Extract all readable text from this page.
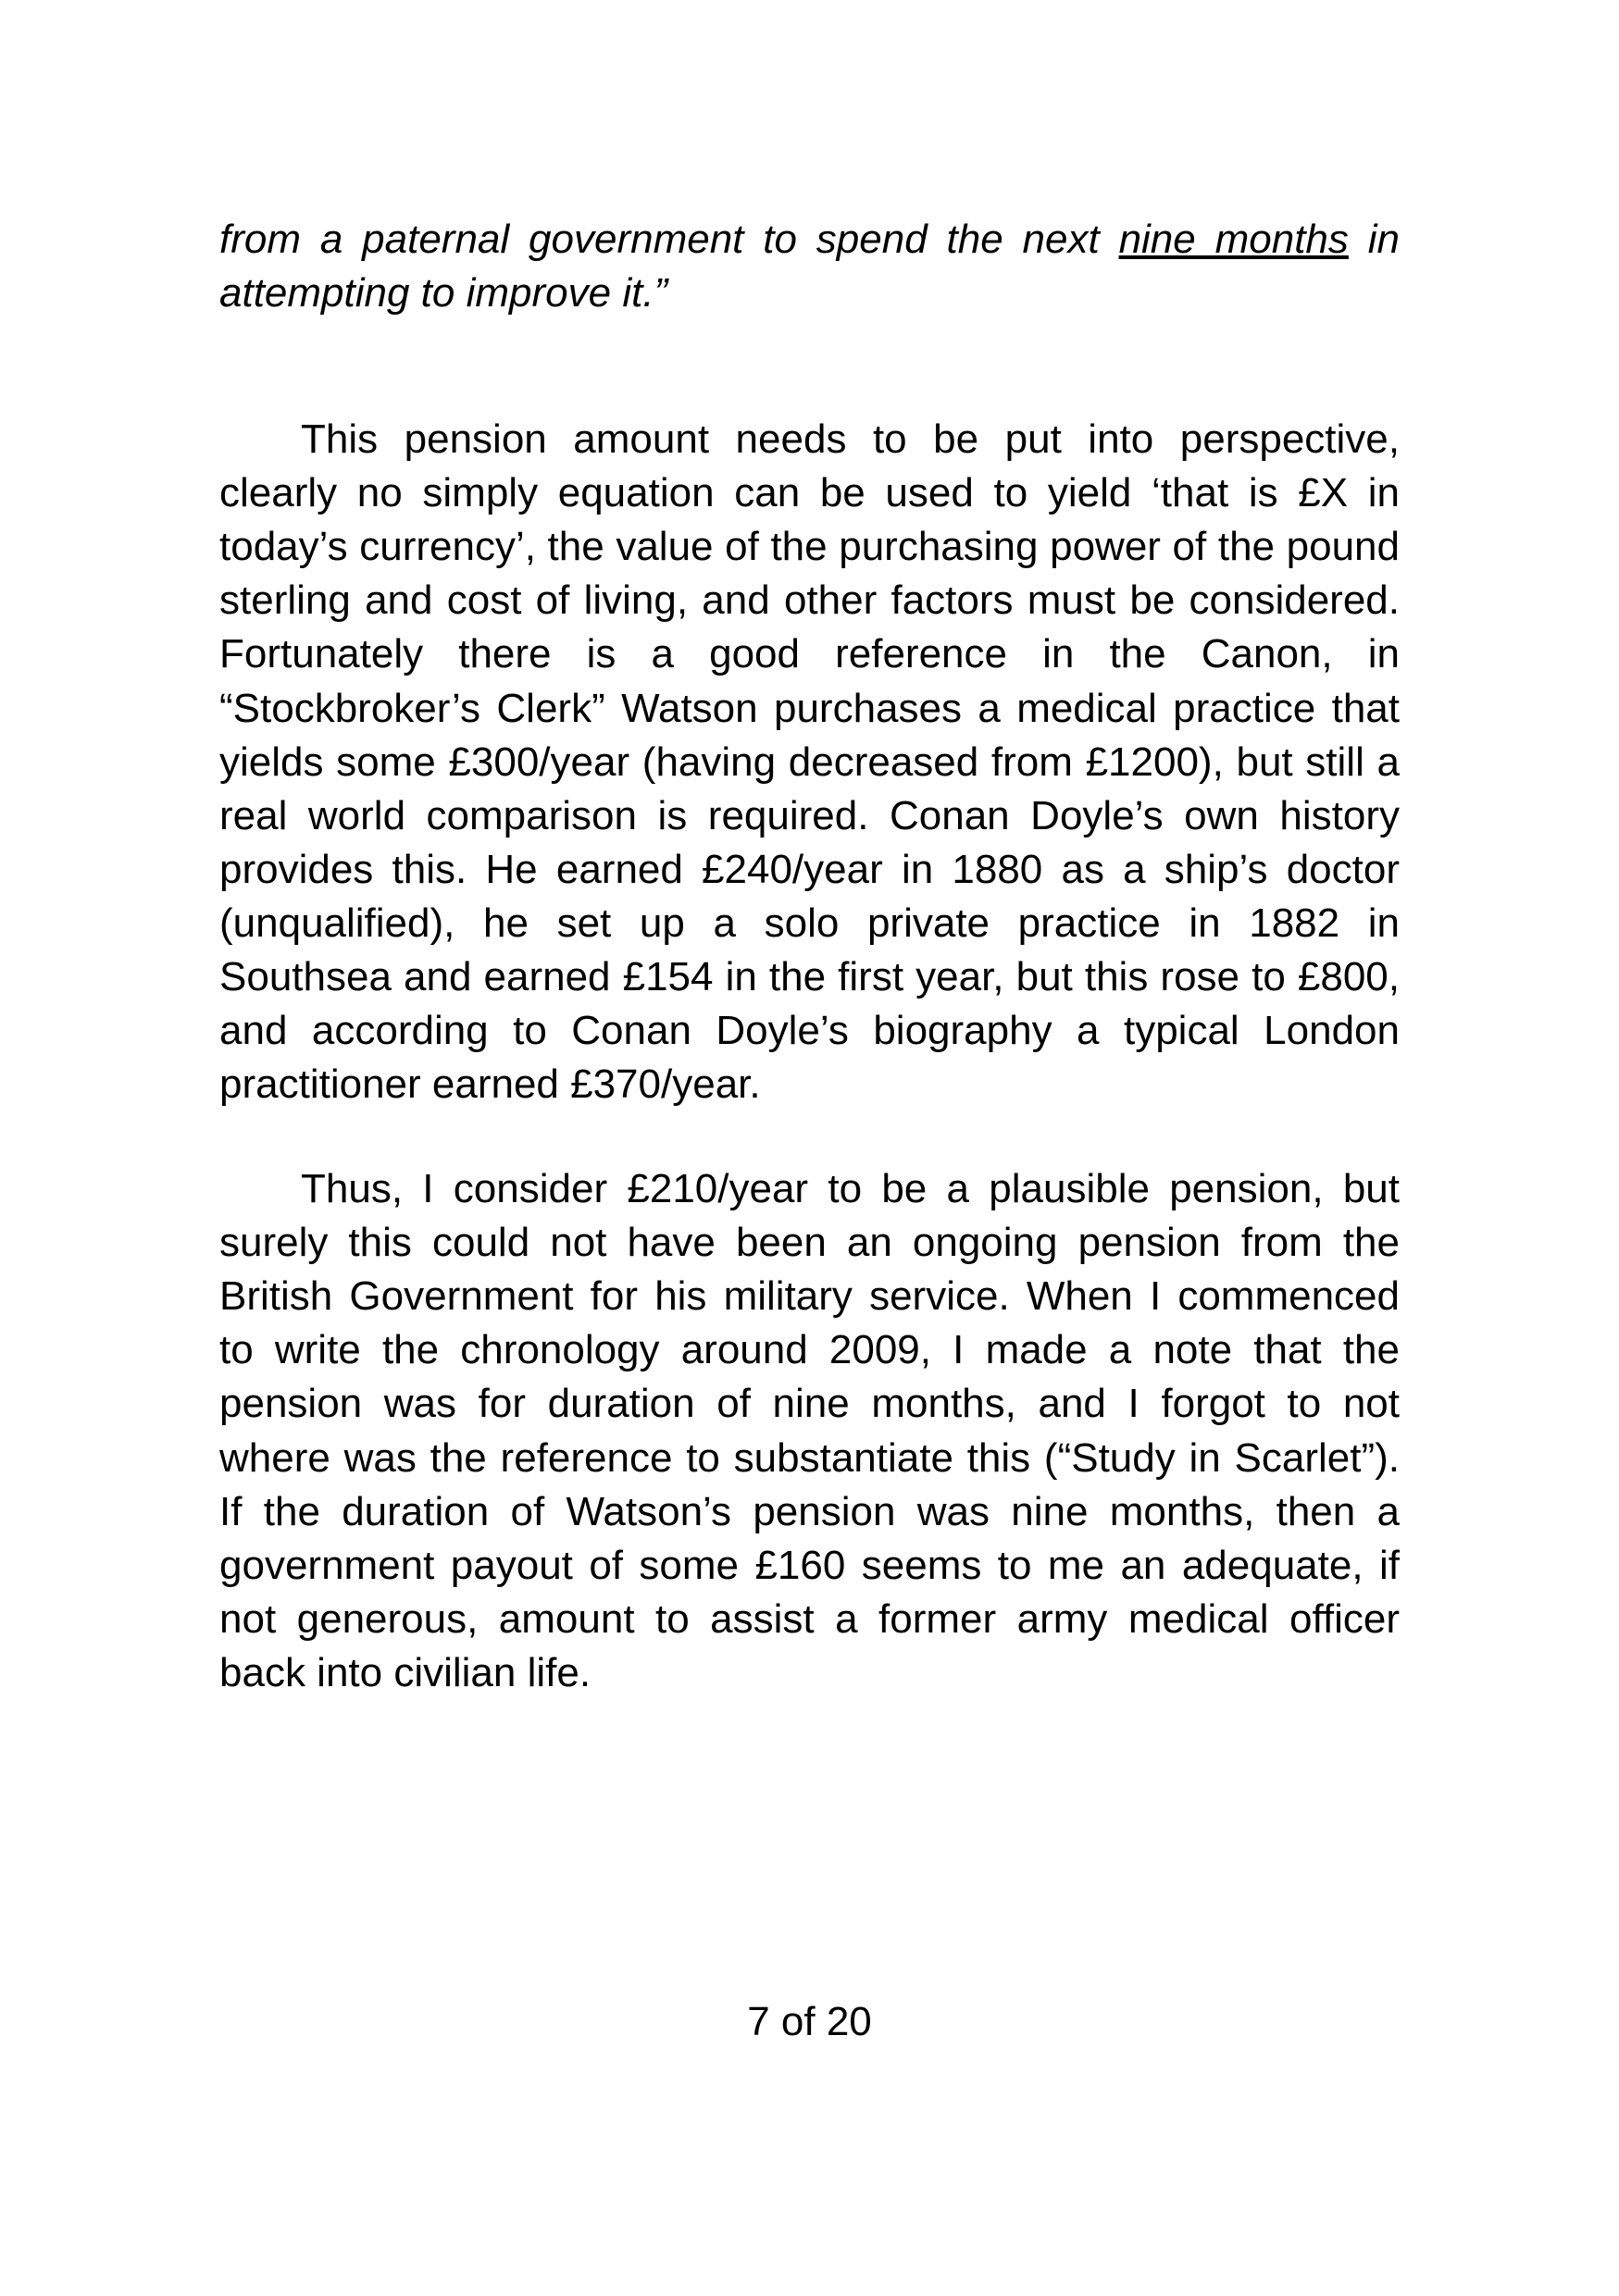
from a paternal government to spend the next nine months in attempting to improve it.”

This pension amount needs to be put into perspective, clearly no simply equation can be used to yield ‘that is £X in today’s currency’, the value of the purchasing power of the pound sterling and cost of living, and other factors must be considered. Fortunately there is a good reference in the Canon, in “Stockbroker’s Clerk” Watson purchases a medical practice that yields some £300/year (having decreased from £1200), but still a real world comparison is required. Conan Doyle’s own history provides this. He earned £240/year in 1880 as a ship’s doctor (unqualified), he set up a solo private practice in 1882 in Southsea and earned £154 in the first year, but this rose to £800, and according to Conan Doyle’s biography a typical London practitioner earned £370/year.

Thus, I consider £210/year to be a plausible pension, but surely this could not have been an ongoing pension from the British Government for his military service. When I commenced to write the chronology around 2009, I made a note that the pension was for duration of nine months, and I forgot to not where was the reference to substantiate this (“Study in Scarlet”). If the duration of Watson’s pension was nine months, then a government payout of some £160 seems to me an adequate, if not generous, amount to assist a former army medical officer back into civilian life.

7 of 20
